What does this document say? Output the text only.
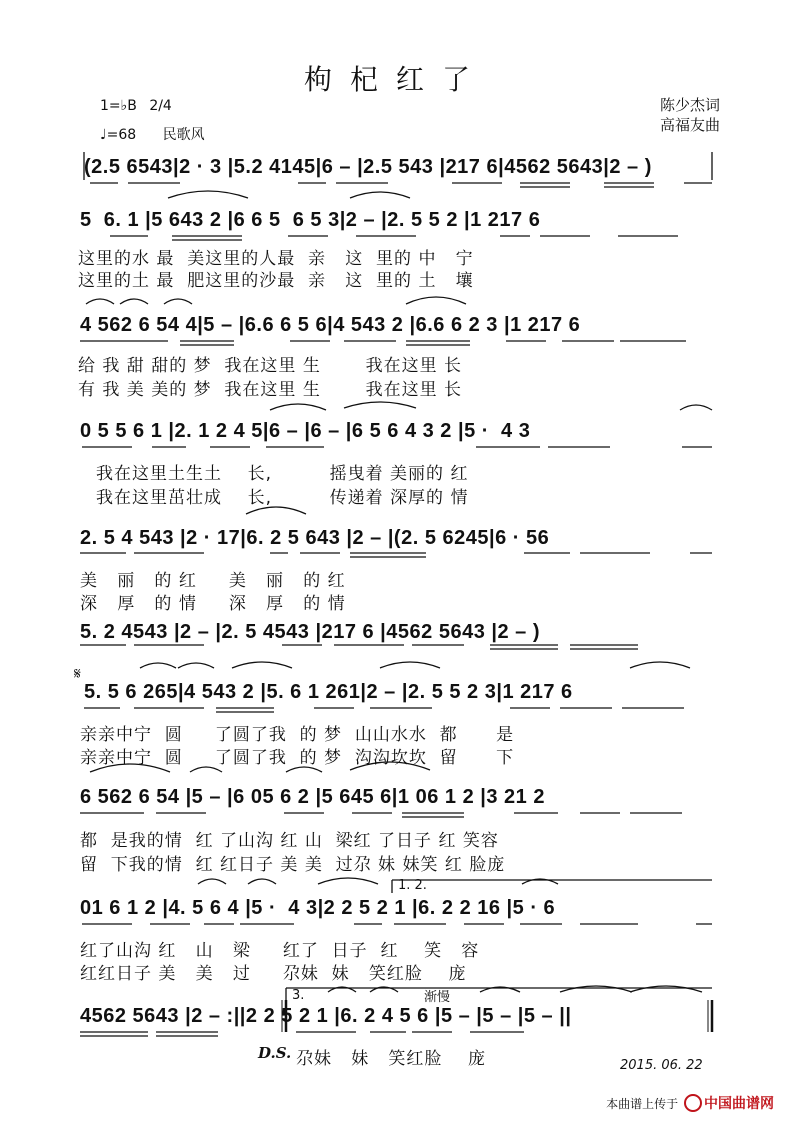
枸杞红了
1=♭B 2/4
♩=68 民歌风
陈少杰词
高福友曲
(2.5 6543|2 · 3 |5.2 4145|6 – |2.5 543 |217 6|4562 5643|2 – )
5  6. 1 |5 643 2 |6 6 5  6 5 3|2 – |2. 5 5 2 |1 217 6
这里的水 最  美这里的人最  亲   这  里的 中   宁
这里的土 最  肥这里的沙最  亲   这  里的 土   壤
4 562 6 54 4|5 – |6.6 6 5 6|4 543 2 |6.6 6 2 3 |1 217 6
给 我 甜 甜的 梦  我在这里 生       我在这里 长
有 我 美 美的 梦  我在这里 生       我在这里 长
0 5 5 6 1 |2. 1 2 4 5|6 – |6 – |6 5 6 4 3 2 |5 ·  4 3
我在这里土生土    长,         摇曳着 美丽的 红
我在这里茁壮成    长,         传递着 深厚的 情
2. 5 4 543 |2 · 17|6. 2 5 643 |2 – |(2. 5 6245|6 · 56
美   丽   的 红     美   丽   的 红
深   厚   的 情     深   厚   的 情
5. 2 4543 |2 – |2. 5 4543 |217 6 |4562 5643 |2 – )
𝄋
5. 5 6 265|4 543 2 |5. 6 1 261|2 – |2. 5 5 2 3|1 217 6
亲亲中宁  圆     了圆了我  的 梦  山山水水  都      是
亲亲中宁  圆     了圆了我  的 梦  沟沟坎坎  留      下
6 562 6 54 |5 – |6 05 6 2 |5 645 6|1 06 1 2 |3 21 2
都  是我的情  红 了山沟 红 山  梁红 了日子 红 笑容
留  下我的情  红 红日子 美 美  过尕 妹 妹笑 红 脸庞
1. 2.
01 6 1 2 |4. 5 6 4 |5 ·  4 3|2 2 5 2 1 |6. 2 2 16 |5 · 6
红了山沟 红   山   梁     红了  日子  红    笑   容
红红日子 美   美   过     尕妹  妹   笑红脸    庞
3.	渐慢
4562 5643 |2 – :||2 2 5 2 1 |6. 2 4 5 6 |5 – |5 – |5 – ||
D.S. 尕妹   妹   笑红脸    庞	2015. 06. 22
本曲谱上传于 中国曲谱网
